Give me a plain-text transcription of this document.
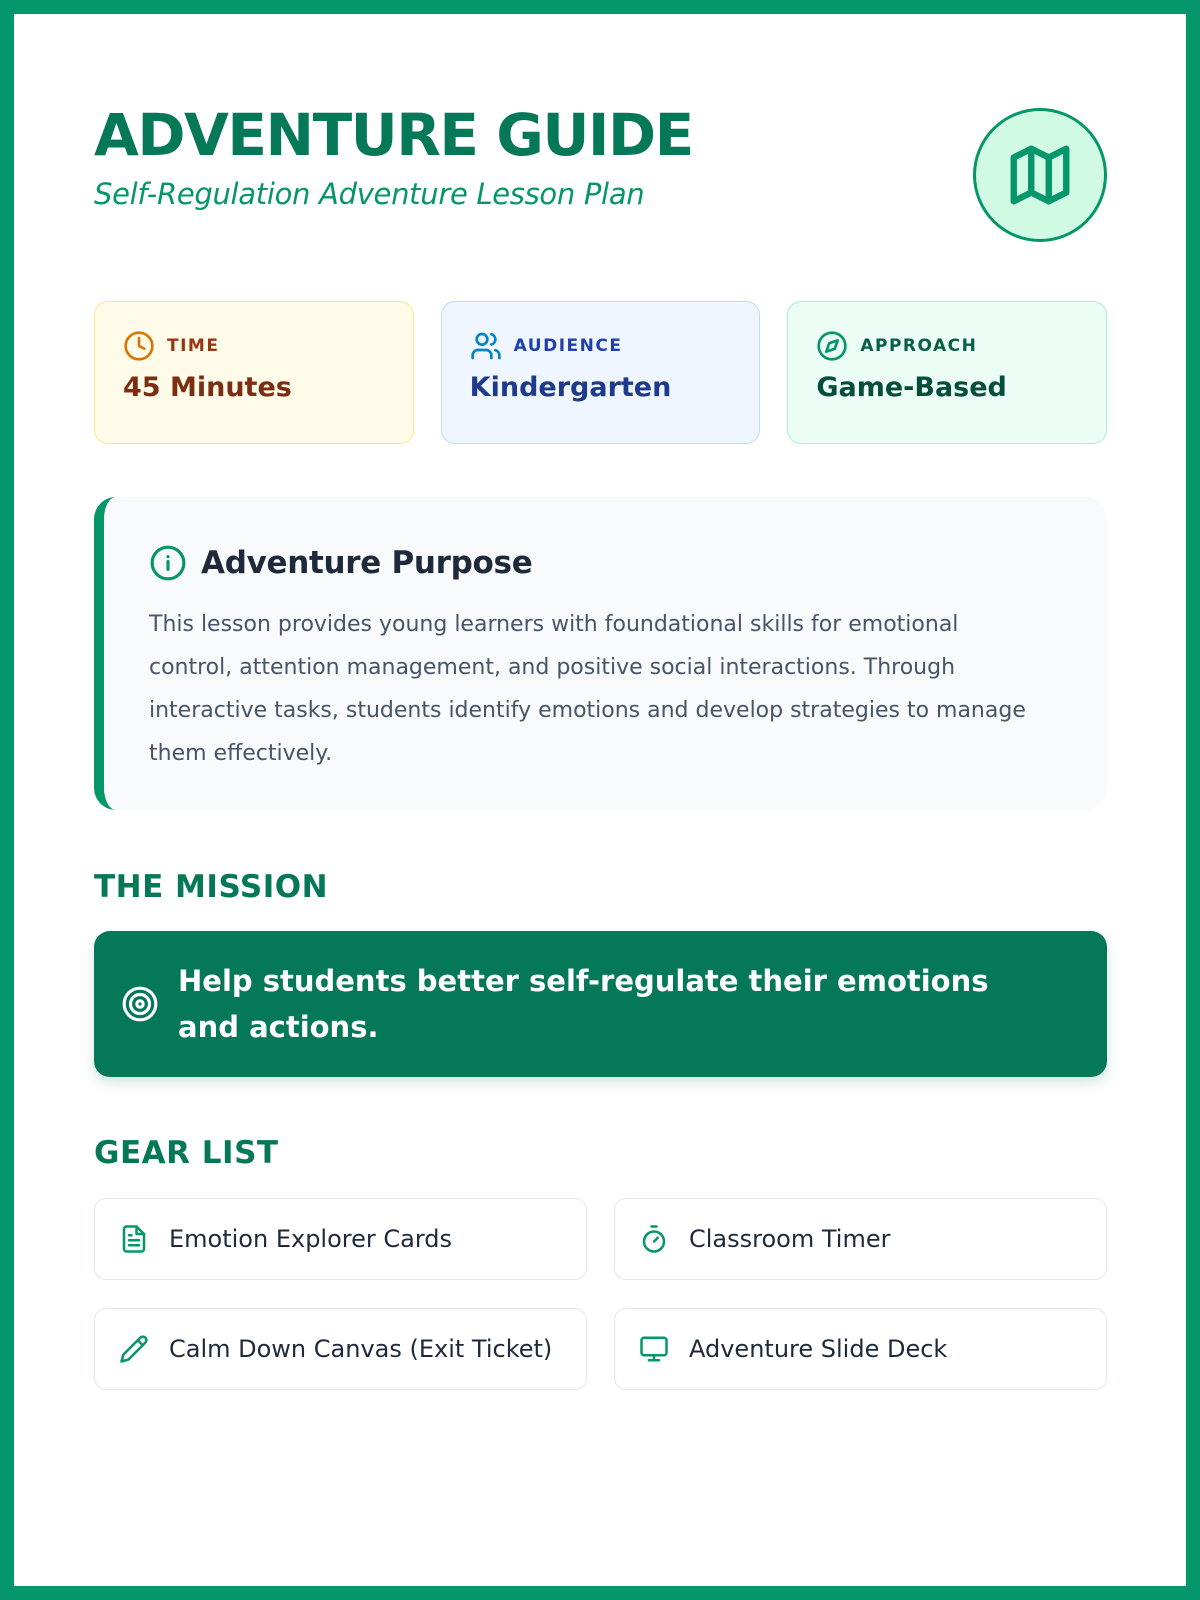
ADVENTURE GUIDE

Self-Regulation Adventure Lesson Plan

TIME
45 Minutes
AUDIENCE
Kindergarten
APPROACH
Game-Based
Adventure Purpose
This lesson provides young learners with foundational skills for emotional control, attention management, and positive social interactions. Through interactive tasks, students identify emotions and develop strategies to manage them effectively.
THE MISSION
Help students better self-regulate their emotions and actions.
GEAR LIST
Emotion Explorer Cards	Classroom Timer
Calm Down Canvas (Exit Ticket)	Adventure Slide Deck
